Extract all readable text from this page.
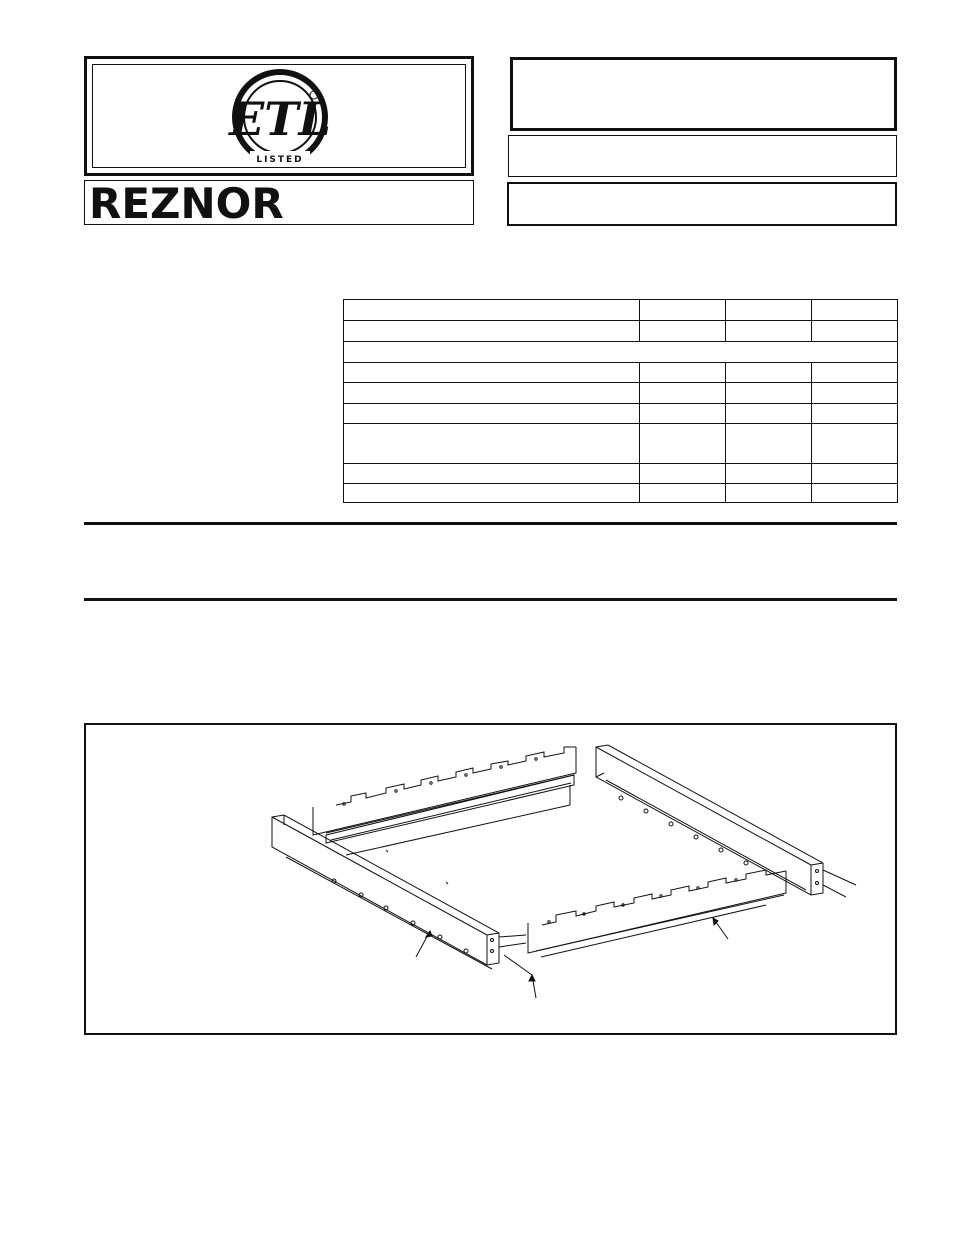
ETL
LISTED
REZNOR
